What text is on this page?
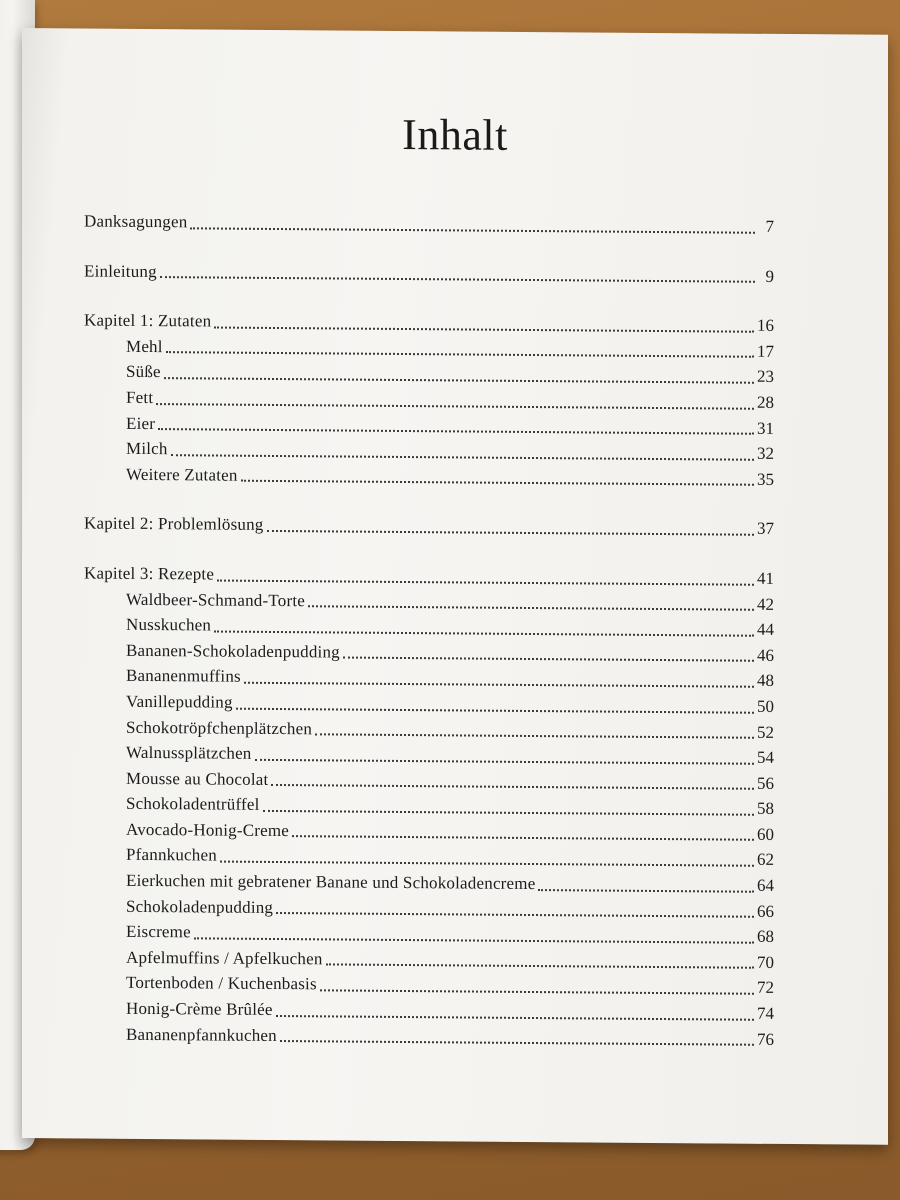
Inhalt
Danksagungen	7
Einleitung	9
Kapitel 1: Zutaten	16
Mehl	17
Süße	23
Fett	28
Eier	31
Milch	32
Weitere Zutaten	35
Kapitel 2: Problemlösung	37
Kapitel 3: Rezepte	41
Waldbeer-Schmand-Torte	42
Nusskuchen	44
Bananen-Schokoladenpudding	46
Bananenmuffins	48
Vanillepudding	50
Schokotröpfchenplätzchen	52
Walnussplätzchen	54
Mousse au Chocolat	56
Schokoladentrüffel	58
Avocado-Honig-Creme	60
Pfannkuchen	62
Eierkuchen mit gebratener Banane und Schokoladencreme	64
Schokoladenpudding	66
Eiscreme	68
Apfelmuffins / Apfelkuchen	70
Tortenboden / Kuchenbasis	72
Honig-Crème Brûlée	74
Bananenpfannkuchen	76
